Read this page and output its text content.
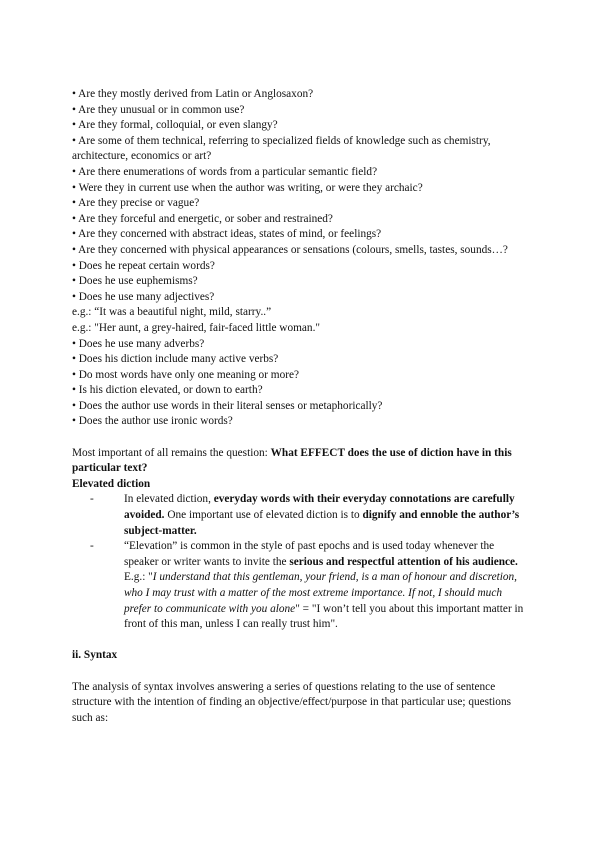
• Are they mostly derived from Latin or Anglosaxon?
• Are they unusual or in common use?
• Are they formal, colloquial, or even slangy?
• Are some of them technical, referring to specialized fields of knowledge such as chemistry, architecture, economics or art?
• Are there enumerations of words from a particular semantic field?
• Were they in current use when the author was writing, or were they archaic?
• Are they precise or vague?
• Are they forceful and energetic, or sober and restrained?
• Are they concerned with abstract ideas, states of mind, or feelings?
• Are they concerned with physical appearances or sensations (colours, smells, tastes, sounds…?
• Does he repeat certain words?
• Does he use euphemisms?
• Does he use many adjectives?
e.g.: “It was a beautiful night, mild, starry..”
e.g.: "Her aunt, a grey-haired, fair-faced little woman."
• Does he use many adverbs?
• Does his diction include many active verbs?
• Do most words have only one meaning or more?
• Is his diction elevated, or down to earth?
• Does the author use words in their literal senses or metaphorically?
• Does the author use ironic words?
Most important of all remains the question: What EFFECT does the use of diction have in this particular text?
Elevated diction
-	In elevated diction, everyday words with their everyday connotations are carefully avoided. One important use of elevated diction is to dignify and ennoble the author’s subject-matter.
-	“Elevation” is common in the style of past epochs and is used today whenever the speaker or writer wants to invite the serious and respectful attention of his audience. E.g.: "I understand that this gentleman, your friend, is a man of honour and discretion, who I may trust with a matter of the most extreme importance. If not, I should much prefer to communicate with you alone" = "I won’t tell you about this important matter in front of this man, unless I can really trust him".
ii. Syntax
The analysis of syntax involves answering a series of questions relating to the use of sentence structure with the intention of finding an objective/effect/purpose in that particular use; questions such as:
